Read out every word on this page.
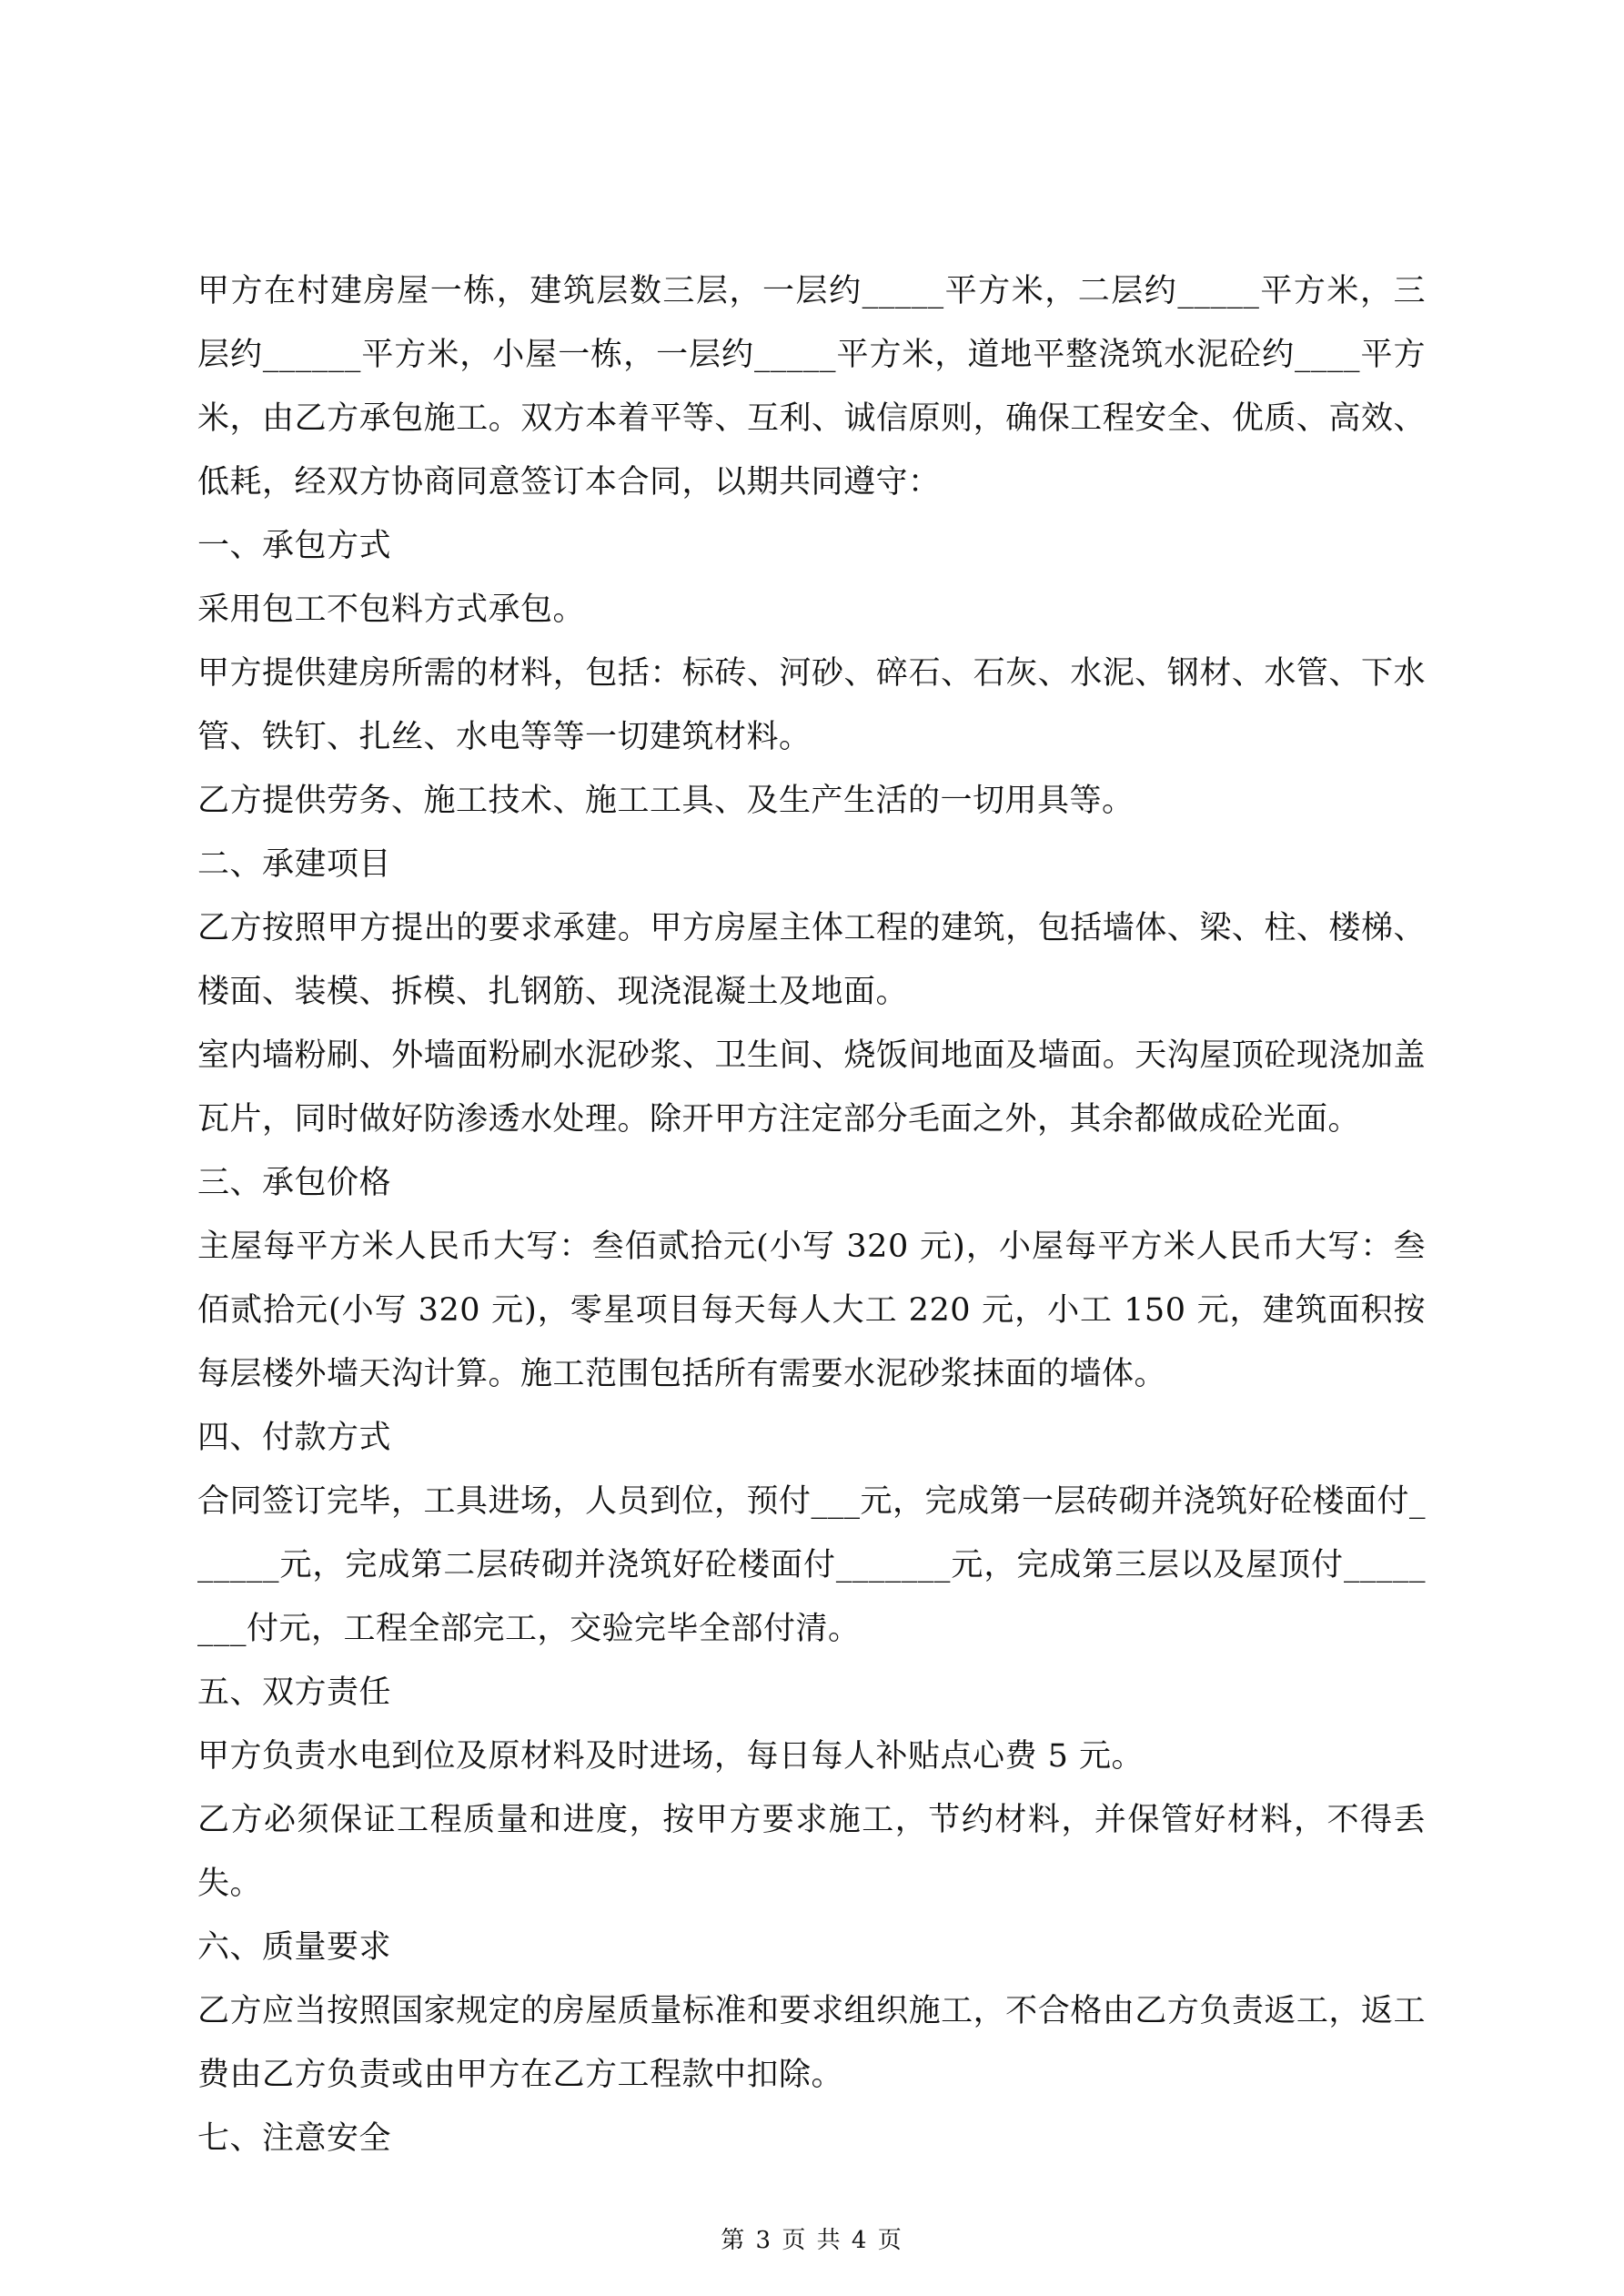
甲方在村建房屋一栋，建筑层数三层，一层约_____平方米，二层约_____平方米，三层约______平方米，小屋一栋，一层约_____平方米，道地平整浇筑水泥砼约____平方米，由乙方承包施工。双方本着平等、互利、诚信原则，确保工程安全、优质、高效、低耗，经双方协商同意签订本合同，以期共同遵守：

一、承包方式

采用包工不包料方式承包。

甲方提供建房所需的材料，包括：标砖、河砂、碎石、石灰、水泥、钢材、水管、下水管、铁钉、扎丝、水电等等一切建筑材料。

乙方提供劳务、施工技术、施工工具、及生产生活的一切用具等。

二、承建项目

乙方按照甲方提出的要求承建。甲方房屋主体工程的建筑，包括墙体、梁、柱、楼梯、楼面、装模、拆模、扎钢筋、现浇混凝土及地面。

室内墙粉刷、外墙面粉刷水泥砂浆、卫生间、烧饭间地面及墙面。天沟屋顶砼现浇加盖瓦片，同时做好防渗透水处理。除开甲方注定部分毛面之外，其余都做成砼光面。

三、承包价格

主屋每平方米人民币大写：叁佰贰拾元(小写 320 元)，小屋每平方米人民币大写：叁佰贰拾元(小写 320 元)，零星项目每天每人大工 220 元，小工 150 元，建筑面积按每层楼外墙天沟计算。施工范围包括所有需要水泥砂浆抹面的墙体。

四、付款方式

合同签订完毕，工具进场，人员到位，预付___元，完成第一层砖砌并浇筑好砼楼面付______元，完成第二层砖砌并浇筑好砼楼面付_______元，完成第三层以及屋顶付________付元，工程全部完工，交验完毕全部付清。

五、双方责任

甲方负责水电到位及原材料及时进场，每日每人补贴点心费 5 元。

乙方必须保证工程质量和进度，按甲方要求施工，节约材料，并保管好材料，不得丢失。

六、质量要求

乙方应当按照国家规定的房屋质量标准和要求组织施工，不合格由乙方负责返工，返工费由乙方负责或由甲方在乙方工程款中扣除。

七、注意安全

第 3 页 共 4 页
